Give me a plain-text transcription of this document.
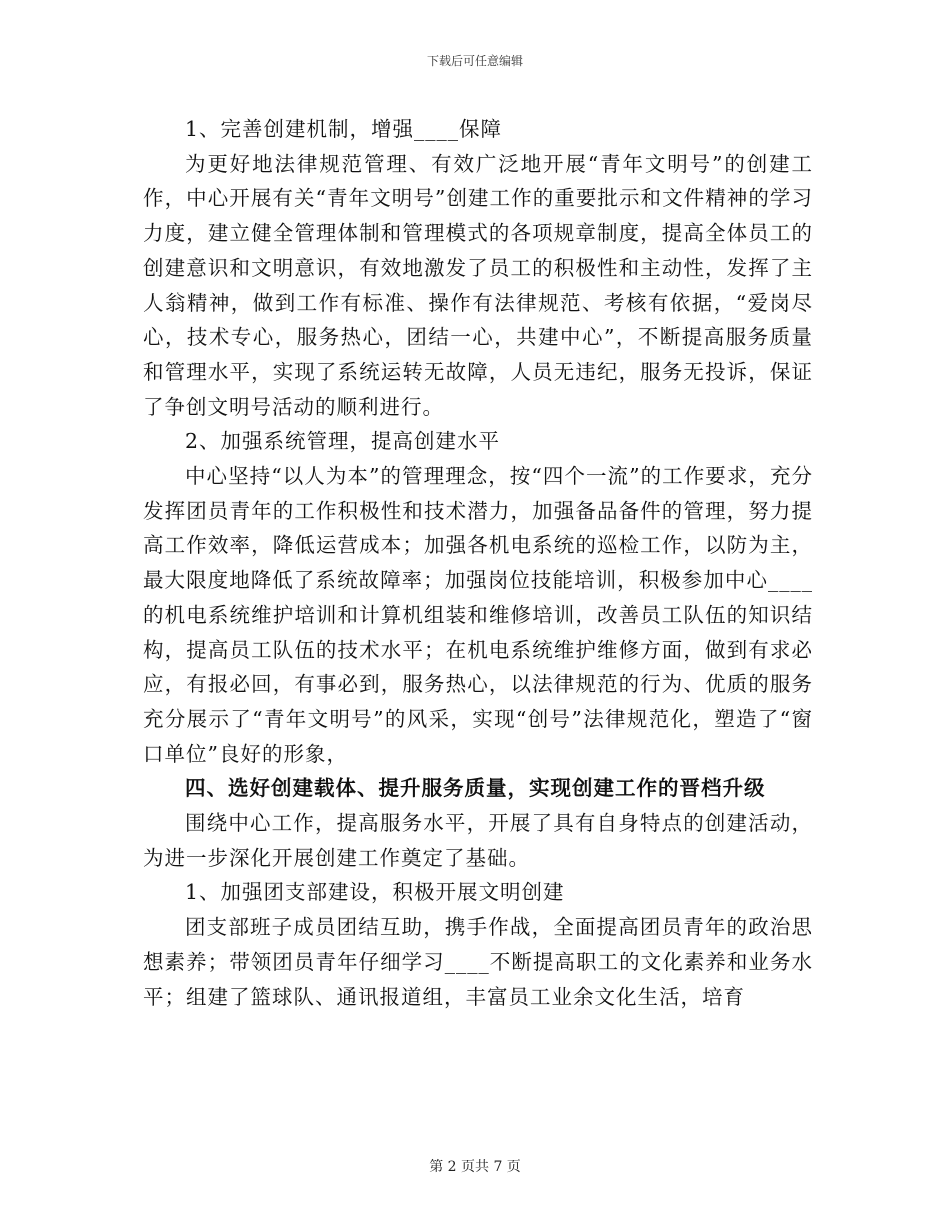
下载后可任意编辑

1、完善创建机制，增强____保障

为更好地法律规范管理、有效广泛地开展“青年文明号”的创建工作，中心开展有关“青年文明号”创建工作的重要批示和文件精神的学习力度，建立健全管理体制和管理模式的各项规章制度，提高全体员工的创建意识和文明意识，有效地激发了员工的积极性和主动性，发挥了主人翁精神，做到工作有标准、操作有法律规范、考核有依据，“爱岗尽心，技术专心，服务热心，团结一心，共建中心”，不断提高服务质量和管理水平，实现了系统运转无故障，人员无违纪，服务无投诉，保证了争创文明号活动的顺利进行。

2、加强系统管理，提高创建水平

中心坚持“以人为本”的管理理念，按“四个一流”的工作要求，充分发挥团员青年的工作积极性和技术潜力，加强备品备件的管理，努力提高工作效率，降低运营成本；加强各机电系统的巡检工作，以防为主，最大限度地降低了系统故障率；加强岗位技能培训，积极参加中心____的机电系统维护培训和计算机组装和维修培训，改善员工队伍的知识结构，提高员工队伍的技术水平；在机电系统维护维修方面，做到有求必应，有报必回，有事必到，服务热心，以法律规范的行为、优质的服务充分展示了“青年文明号”的风采，实现“创号”法律规范化，塑造了“窗口单位”良好的形象，

四、选好创建载体、提升服务质量，实现创建工作的晋档升级

围绕中心工作，提高服务水平，开展了具有自身特点的创建活动，为进一步深化开展创建工作奠定了基础。

1、加强团支部建设，积极开展文明创建

团支部班子成员团结互助，携手作战，全面提高团员青年的政治思想素养；带领团员青年仔细学习____不断提高职工的文化素养和业务水平；组建了篮球队、通讯报道组，丰富员工业余文化生活，培育

第 2 页共 7 页
